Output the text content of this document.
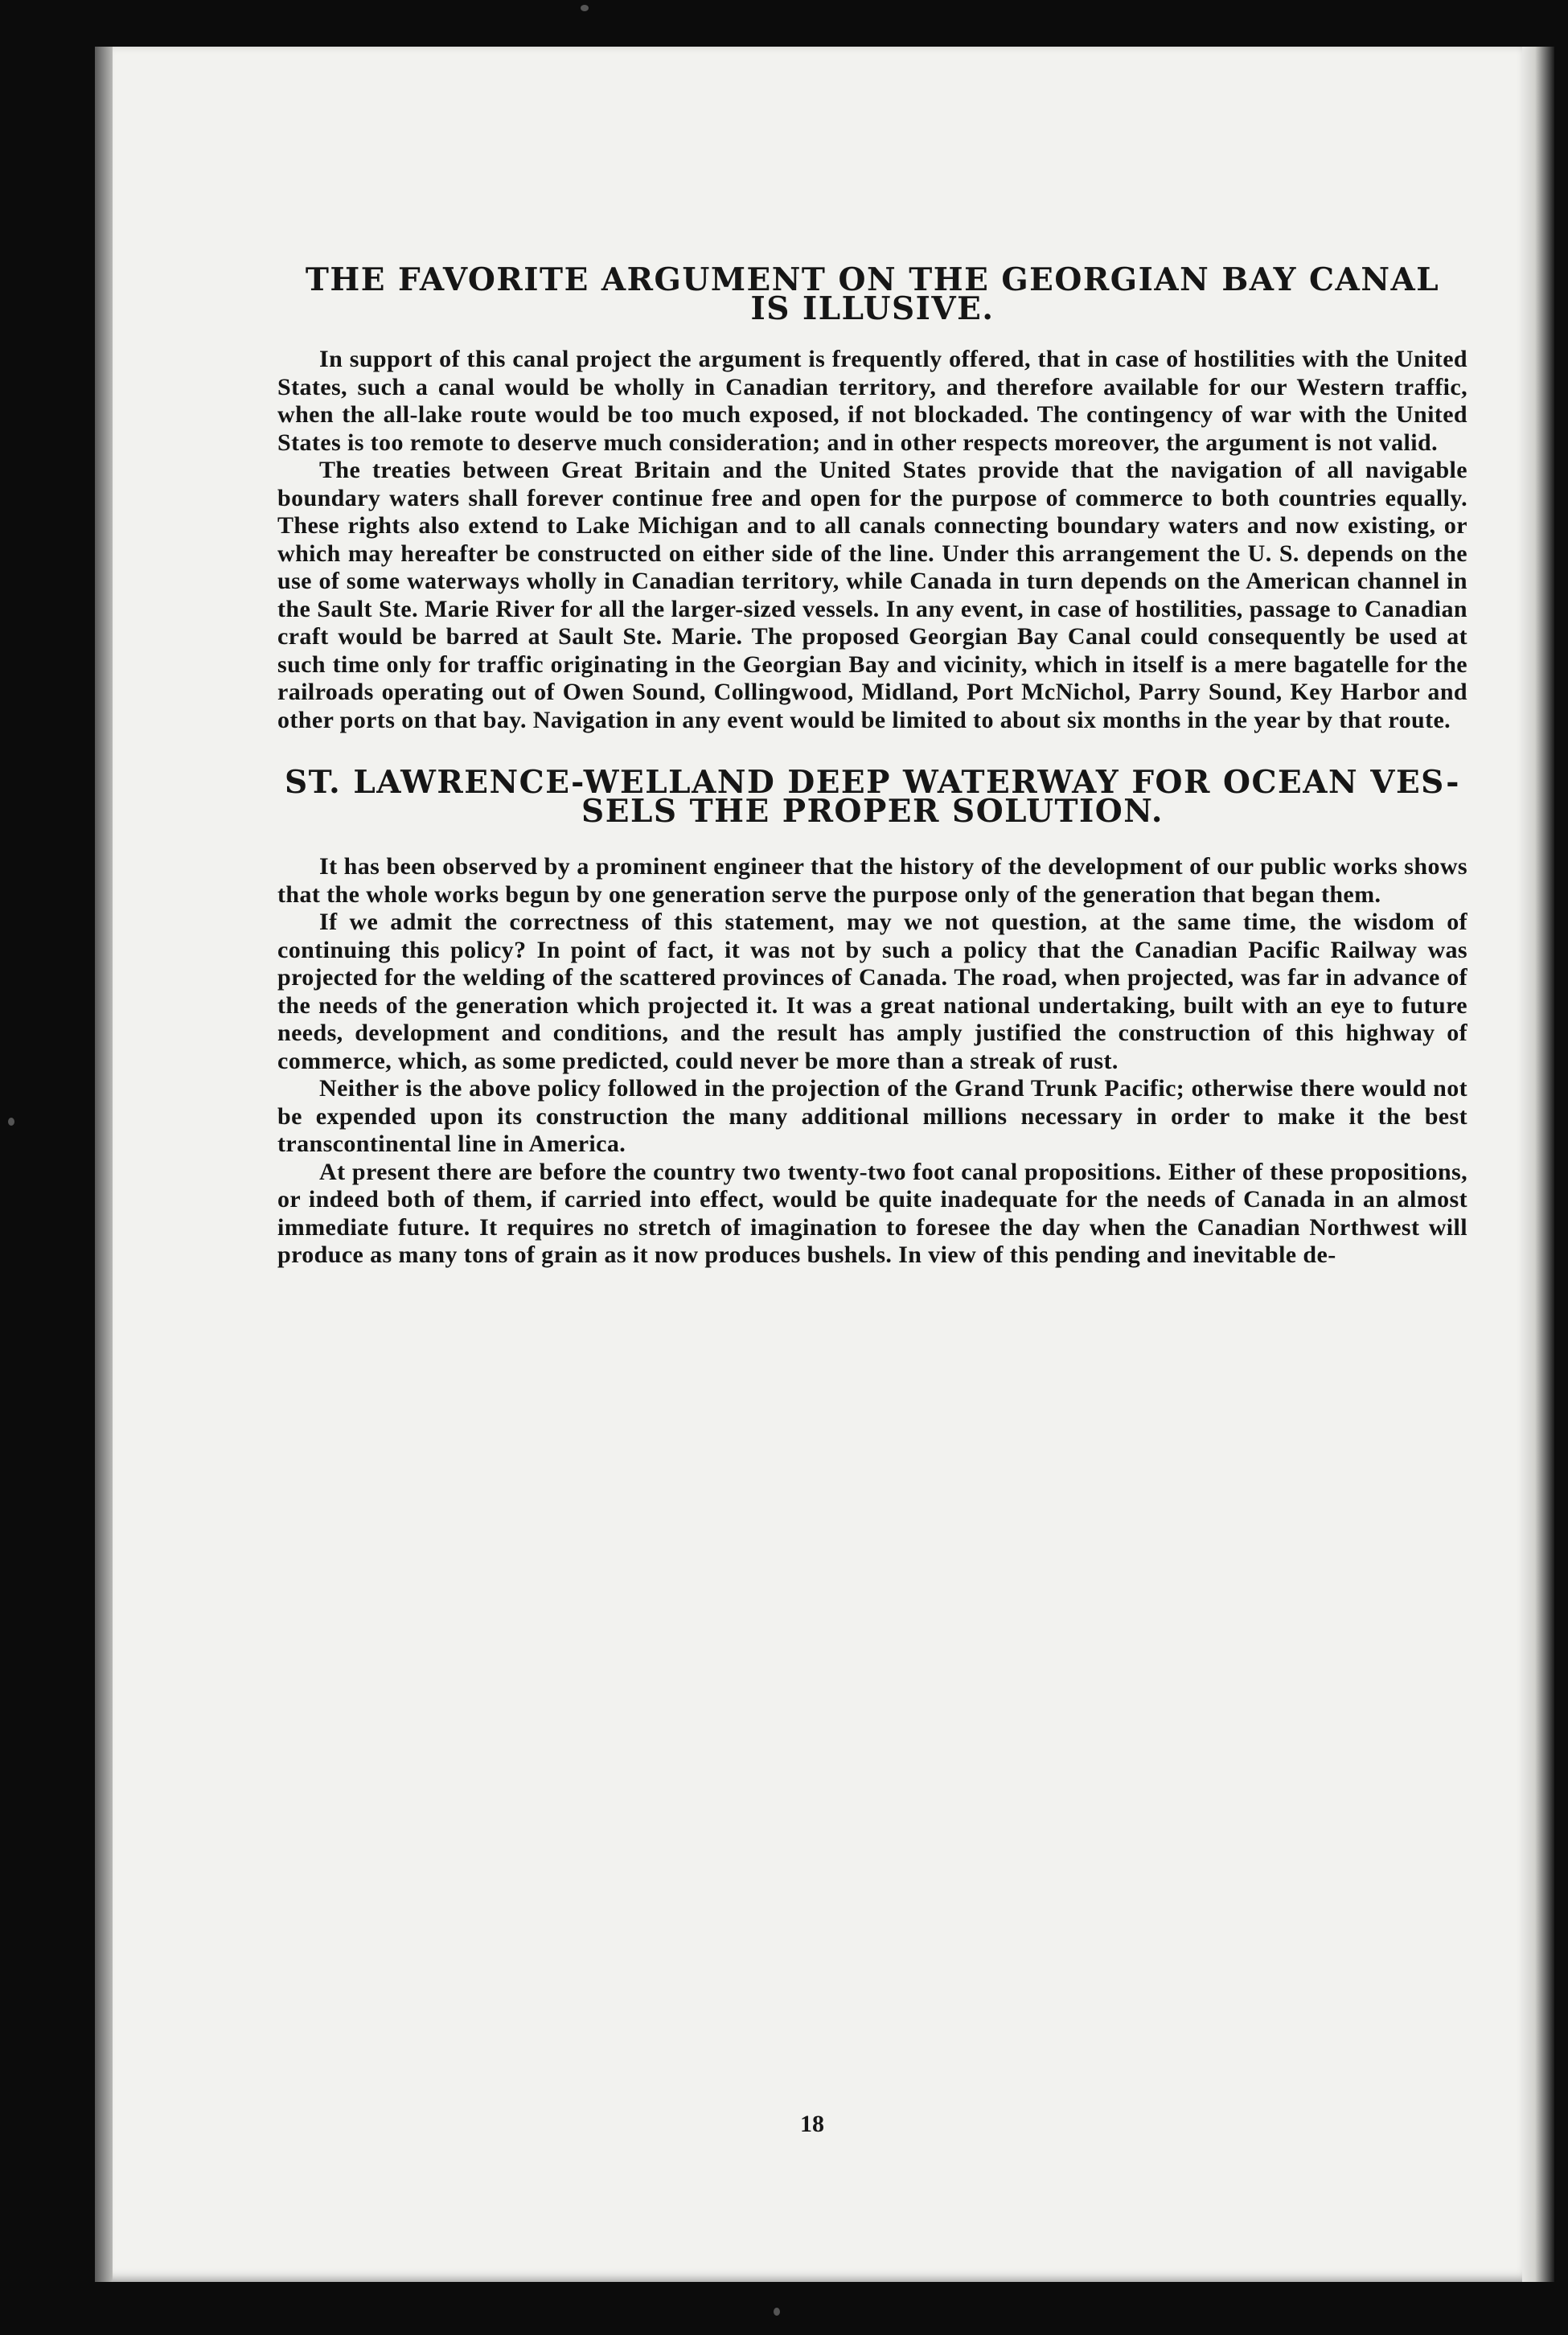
THE FAVORITE ARGUMENT ON THE GEORGIAN BAY CANAL
IS ILLUSIVE.

In support of this canal project the argument is frequently offered, that in case of hostilities with the United States, such a canal would be wholly in Canadian territory, and therefore available for our Western traffic, when the all-lake route would be too much exposed, if not blockaded. The contingency of war with the United States is too remote to deserve much consideration; and in other respects moreover, the argument is not valid.

The treaties between Great Britain and the United States provide that the navigation of all navigable boundary waters shall forever continue free and open for the purpose of commerce to both countries equally. These rights also extend to Lake Michigan and to all canals connecting boundary waters and now existing, or which may hereafter be constructed on either side of the line. Under this arrangement the U. S. depends on the use of some waterways wholly in Canadian territory, while Canada in turn depends on the American channel in the Sault Ste. Marie River for all the larger-sized vessels. In any event, in case of hostilities, passage to Canadian craft would be barred at Sault Ste. Marie. The proposed Georgian Bay Canal could consequently be used at such time only for traffic originating in the Georgian Bay and vicinity, which in itself is a mere bagatelle for the railroads operating out of Owen Sound, Collingwood, Midland, Port McNichol, Parry Sound, Key Harbor and other ports on that bay. Navigation in any event would be limited to about six months in the year by that route.

ST. LAWRENCE-WELLAND DEEP WATERWAY FOR OCEAN VES-
SELS THE PROPER SOLUTION.

It has been observed by a prominent engineer that the history of the development of our public works shows that the whole works begun by one generation serve the purpose only of the generation that began them.

If we admit the correctness of this statement, may we not question, at the same time, the wisdom of continuing this policy? In point of fact, it was not by such a policy that the Canadian Pacific Railway was projected for the welding of the scattered provinces of Canada. The road, when projected, was far in advance of the needs of the generation which projected it. It was a great national undertaking, built with an eye to future needs, development and conditions, and the result has amply justified the construction of this highway of commerce, which, as some predicted, could never be more than a streak of rust.

Neither is the above policy followed in the projection of the Grand Trunk Pacific; otherwise there would not be expended upon its construction the many additional millions necessary in order to make it the best transcontinental line in America.

At present there are before the country two twenty-two foot canal propositions. Either of these propositions, or indeed both of them, if carried into effect, would be quite inadequate for the needs of Canada in an almost immediate future. It requires no stretch of imagination to foresee the day when the Canadian Northwest will produce as many tons of grain as it now produces bushels. In view of this pending and inevitable de-

18
